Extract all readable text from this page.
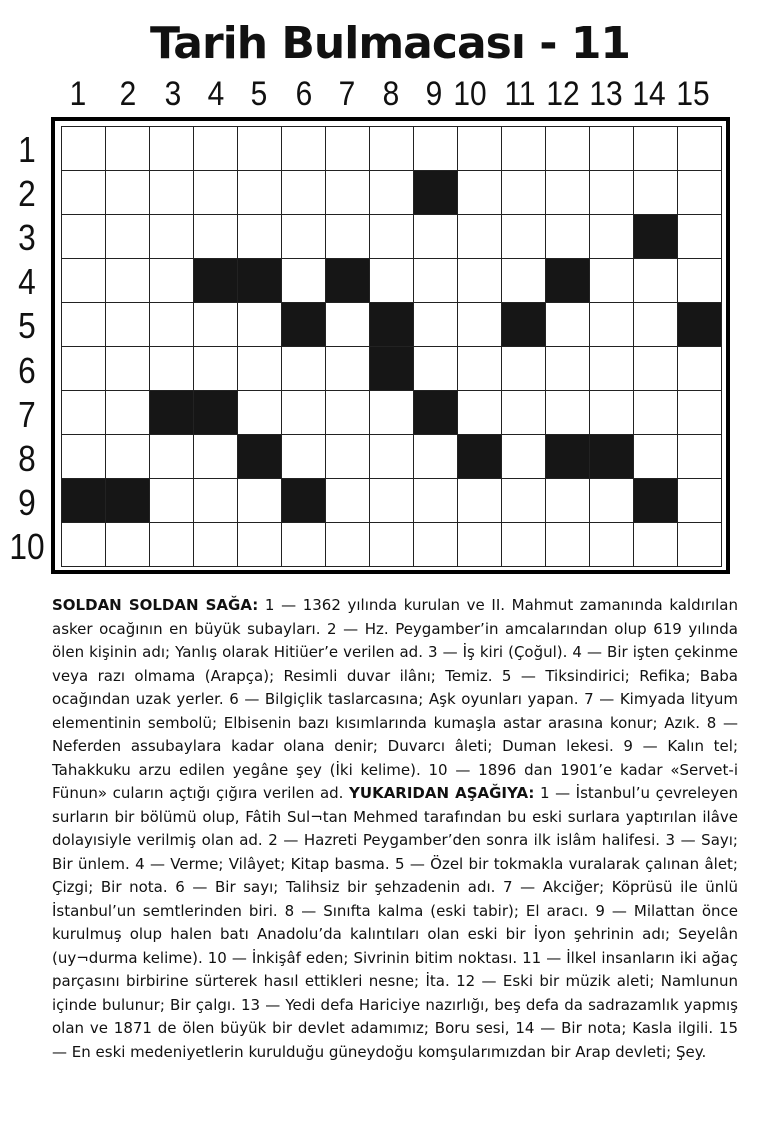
Tarih Bulmacası - 11
1 2 3 4 5 6 7 8 9 10 11 12 13 14 15
1
2
3
4
5
6
7
8
9
10

SOLDAN SOLDAN SAĞA: 1 — 1362 yılında kurulan ve II. Mahmut zamanında kaldırılan asker ocağının en büyük subayları. 2 — Hz. Peygamber’in amcalarından olup 619 yılında ölen kişinin adı; Yanlış olarak Hitiüer’e verilen ad. 3 — İş kiri (Çoğul). 4 — Bir işten çekinme veya razı olmama (Arapça); Resimli duvar ilânı; Temiz. 5 — Tiksindirici; Refika; Baba ocağından uzak yerler. 6 — Bilgiçlik taslarcasına; Aşk oyunları yapan. 7 — Kimyada lityum elementinin sembolü; Elbisenin bazı kısımlarında kumaşla astar arasına konur; Azık. 8 — Neferden assubaylara kadar olana denir; Duvarcı âleti; Duman lekesi. 9 — Kalın tel; Tahakkuku arzu edilen yegâne şey (İki kelime). 10 — 1896 dan 1901’e kadar «Servet-i Fünun» cuların açtığı çığıra verilen ad. YUKARIDAN AŞAĞIYA: 1 — İstanbul’u çevreleyen surların bir bölümü olup, Fâtih Sul¬tan Mehmed tarafından bu eski surlara yaptırılan ilâve dolayısiyle verilmiş olan ad. 2 — Hazreti Peygamber’den sonra ilk islâm halifesi. 3 — Sayı; Bir ünlem. 4 — Verme; Vilâyet; Kitap basma. 5 — Özel bir tokmakla vuralarak çalınan âlet; Çizgi; Bir nota. 6 — Bir sayı; Talihsiz bir şehzadenin adı. 7 — Akciğer; Köprüsü ile ünlü İstanbul’un semtlerinden biri. 8 — Sınıfta kalma (eski tabir); El aracı. 9 — Milattan önce kurulmuş olup halen batı Anadolu’da kalıntıları olan eski bir İyon şehrinin adı; Seyelân (uy¬durma kelime). 10 — İnkişâf eden; Sivrinin bitim noktası. 11 — İlkel insanların iki ağaç parçasını birbirine sürterek hasıl ettikleri nesne; İta. 12 — Eski bir müzik aleti; Namlunun içinde bulunur; Bir çalgı. 13 — Yedi defa Hariciye nazırlığı, beş defa da sadrazamlık yapmış olan ve 1871 de ölen büyük bir devlet adamımız; Boru sesi, 14 — Bir nota; Kasla ilgili. 15 — En eski medeniyetlerin kurulduğu güneydoğu komşularımızdan bir Arap devleti; Şey.
